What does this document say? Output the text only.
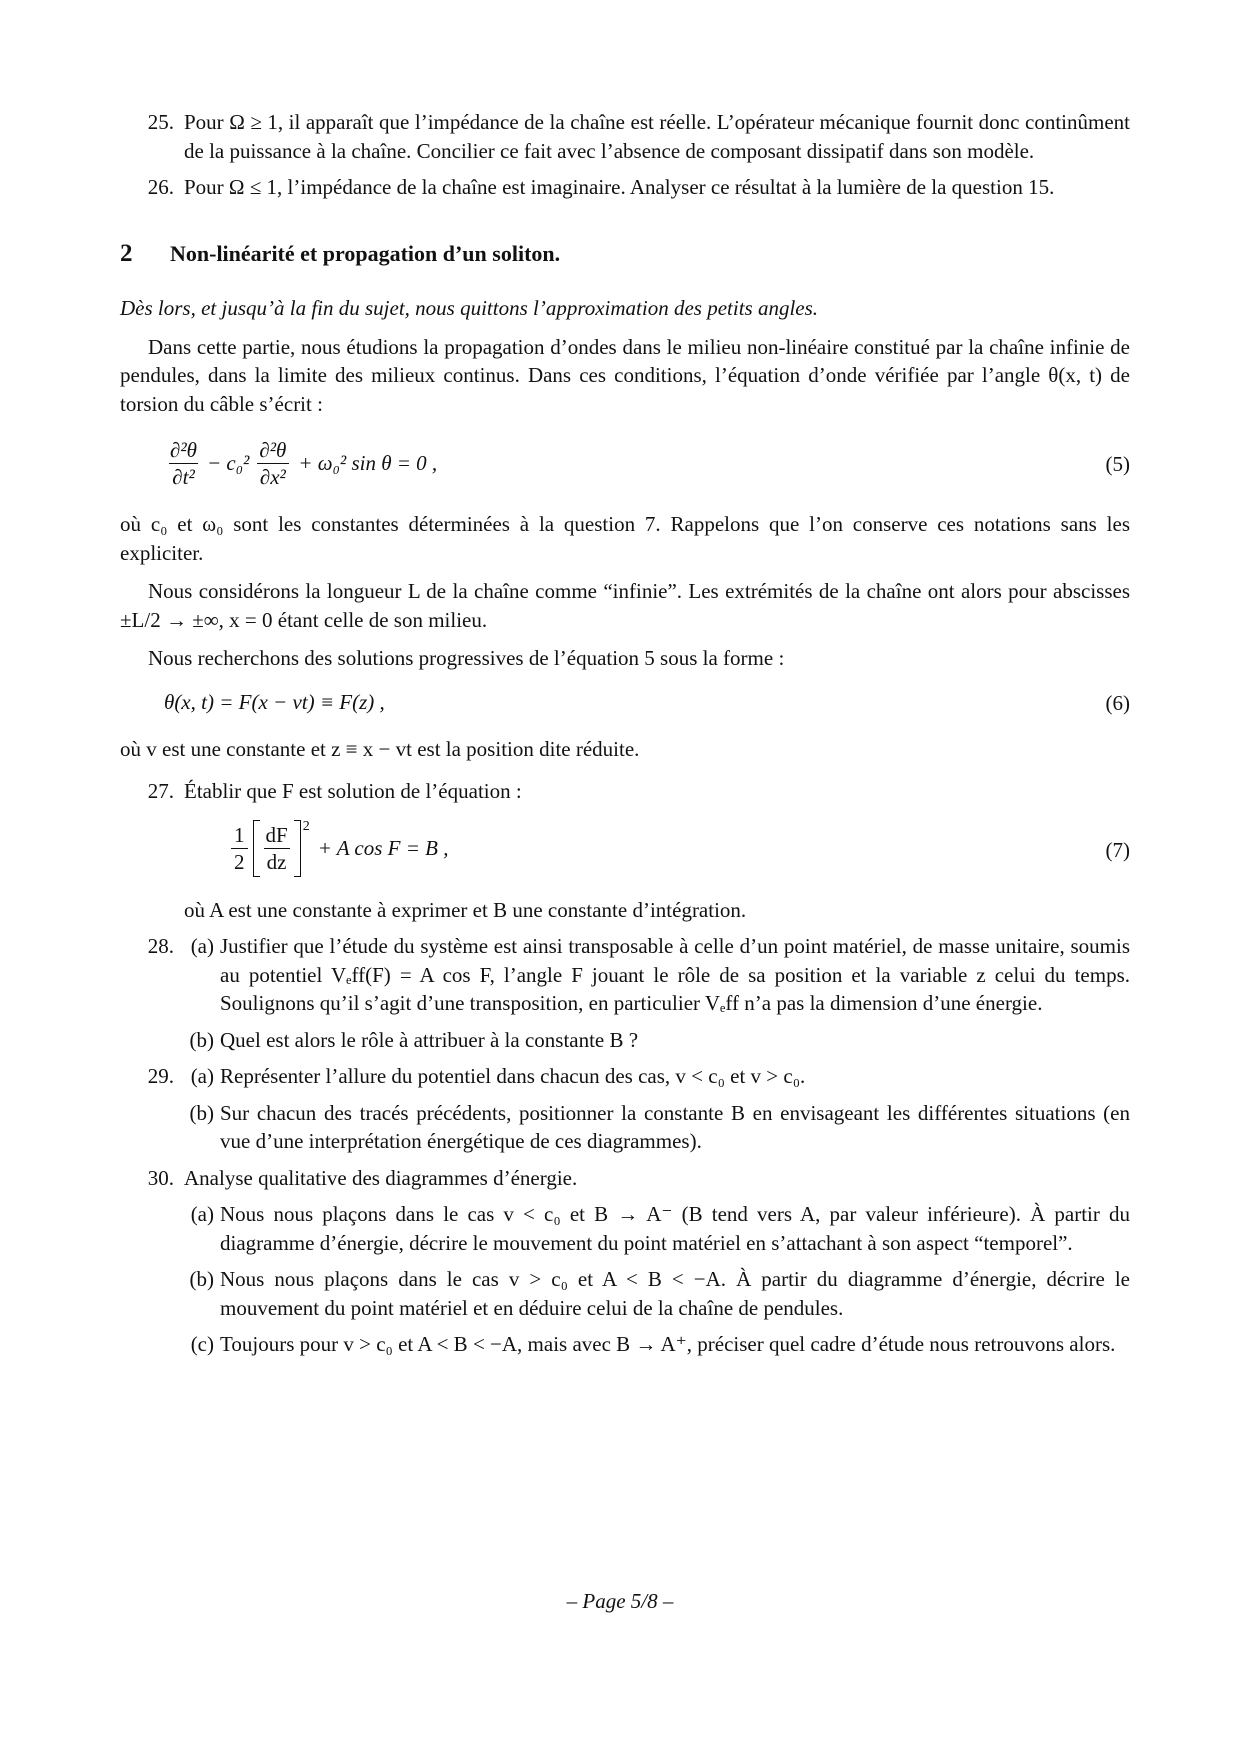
25. Pour Ω ≥ 1, il apparaît que l’impédance de la chaîne est réelle. L’opérateur mécanique fournit donc continûment de la puissance à la chaîne. Concilier ce fait avec l’absence de composant dissipatif dans son modèle.
26. Pour Ω ≤ 1, l’impédance de la chaîne est imaginaire. Analyser ce résultat à la lumière de la question 15.
2 Non-linéarité et propagation d’un soliton.

Dès lors, et jusqu’à la fin du sujet, nous quittons l’approximation des petits angles.

Dans cette partie, nous étudions la propagation d’ondes dans le milieu non-linéaire constitué par la chaîne infinie de pendules, dans la limite des milieux continus. Dans ces conditions, l’équation d’onde vérifiée par l’angle θ(x, t) de torsion du câble s’écrit :

$\frac{\text{∂²θ}}{\text{∂t²}} - c_0^2 \frac{\text{∂²θ}}{\text{∂x²}} + \omega_0^2$ sin θ = 0 ,	(5)

où c₀ et ω₀ sont les constantes déterminées à la question 7. Rappelons que l’on conserve ces notations sans les expliciter.

Nous considérons la longueur L de la chaîne comme “infinie”. Les extrémités de la chaîne ont alors pour abscisses ±L/2 → ±∞, x = 0 étant celle de son milieu.

Nous recherchons des solutions progressives de l’équation 5 sous la forme :

θ(x, t) = F(x − vt) ≡ F(z) ,	(6)

où v est une constante et z ≡ x − vt est la position dite réduite.

27. Établir que F est solution de l’équation :
$\frac{1}{2} \frac{dF}{dz} ^2$
+ A cos F = B ,	(7)
où A est une constante à exprimer et B une constante d’intégration.
28. (a) Justifier que l’étude du système est ainsi transposable à celle d’un point matériel, de masse unitaire, soumis au potentiel Vₑff(F) = A cos F, l’angle F jouant le rôle de sa position et la variable z celui du temps. Soulignons qu’il s’agit d’une transposition, en particulier Vₑff n’a pas la dimension d’une énergie.
(b) Quel est alors le rôle à attribuer à la constante B ?
29. (a) Représenter l’allure du potentiel dans chacun des cas, v < c₀ et v > c₀.
(b) Sur chacun des tracés précédents, positionner la constante B en envisageant les différentes situations (en vue d’une interprétation énergétique de ces diagrammes).
30. Analyse qualitative des diagrammes d’énergie.
(a) Nous nous plaçons dans le cas v < c₀ et B → A⁻ (B tend vers A, par valeur inférieure). À partir du diagramme d’énergie, décrire le mouvement du point matériel en s’attachant à son aspect “temporel”.
(b) Nous nous plaçons dans le cas v > c₀ et A < B < −A. À partir du diagramme d’énergie, décrire le mouvement du point matériel et en déduire celui de la chaîne de pendules.
(c) Toujours pour v > c₀ et A < B < −A, mais avec B → A⁺, préciser quel cadre d’étude nous retrouvons alors.
– Page 5/8 –
